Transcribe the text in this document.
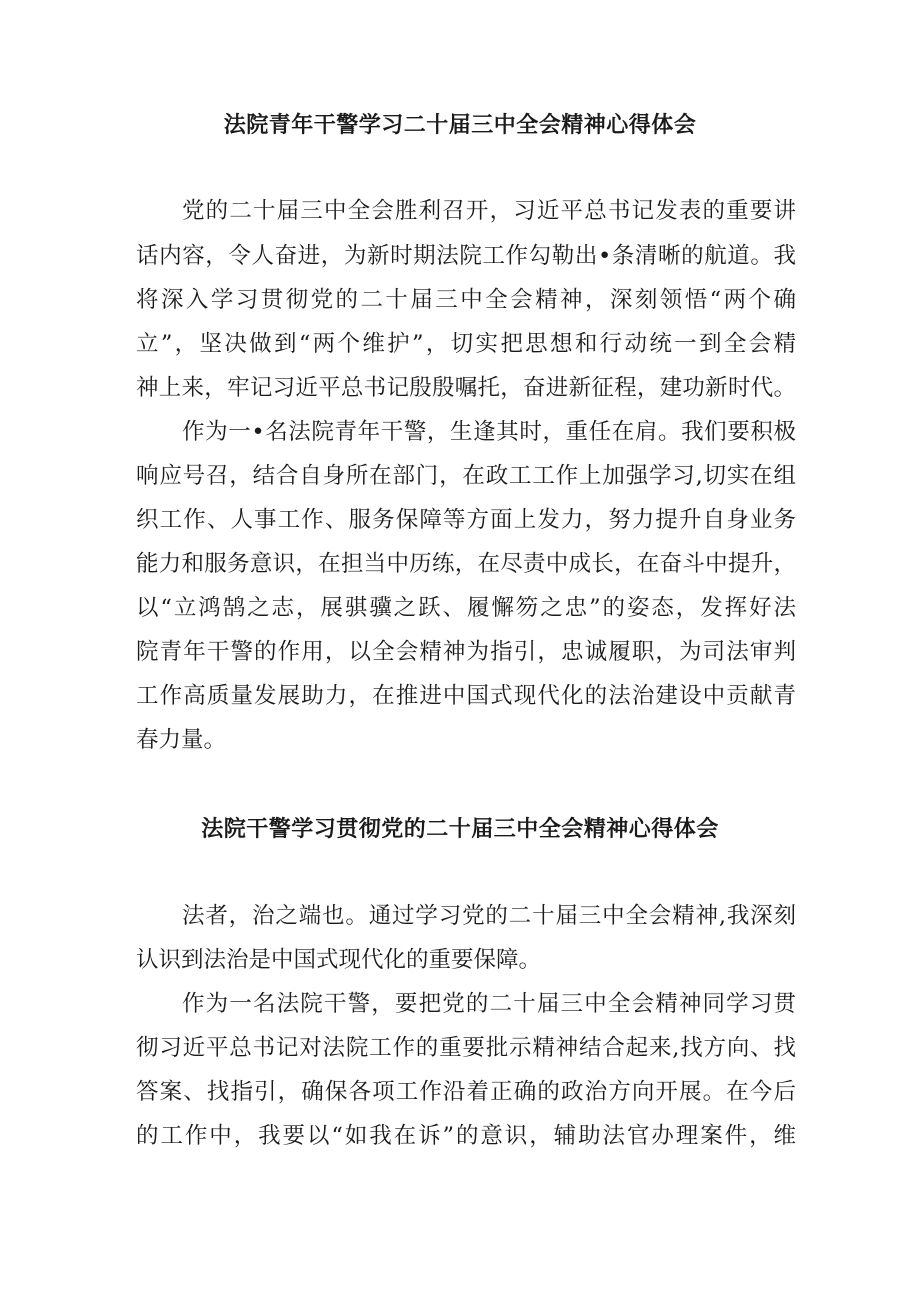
法院青年干警学习二十届三中全会精神心得体会
党的二十届三中全会胜利召开，习近平总书记发表的重要讲
话内容，令人奋进，为新时期法院工作勾勒出•条清晰的航道。我
将深入学习贯彻党的二十届三中全会精神，深刻领悟“两个确
立”，坚决做到“两个维护”，切实把思想和行动统一到全会精
神上来，牢记习近平总书记殷殷嘱托，奋进新征程，建功新时代。
作为一•名法院青年干警，生逢其时，重任在肩。我们要积极
响应号召，结合自身所在部门，在政工工作上加强学习,切实在组
织工作、人事工作、服务保障等方面上发力，努力提升自身业务
能力和服务意识，在担当中历练，在尽责中成长，在奋斗中提升，
以“立鸿鹄之志，展骐骥之跃、履懈笏之忠”的姿态，发挥好法
院青年干警的作用，以全会精神为指引，忠诚履职，为司法审判
工作高质量发展助力，在推进中国式现代化的法治建设中贡献青
春力量。
法院干警学习贯彻党的二十届三中全会精神心得体会
法者，治之端也。通过学习党的二十届三中全会精神,我深刻
认识到法治是中国式现代化的重要保障。
作为一名法院干警，要把党的二十届三中全会精神同学习贯
彻习近平总书记对法院工作的重要批示精神结合起来,找方向、找
答案、找指引，确保各项工作沿着正确的政治方向开展。在今后
的工作中，我要以“如我在诉”的意识，辅助法官办理案件，维
